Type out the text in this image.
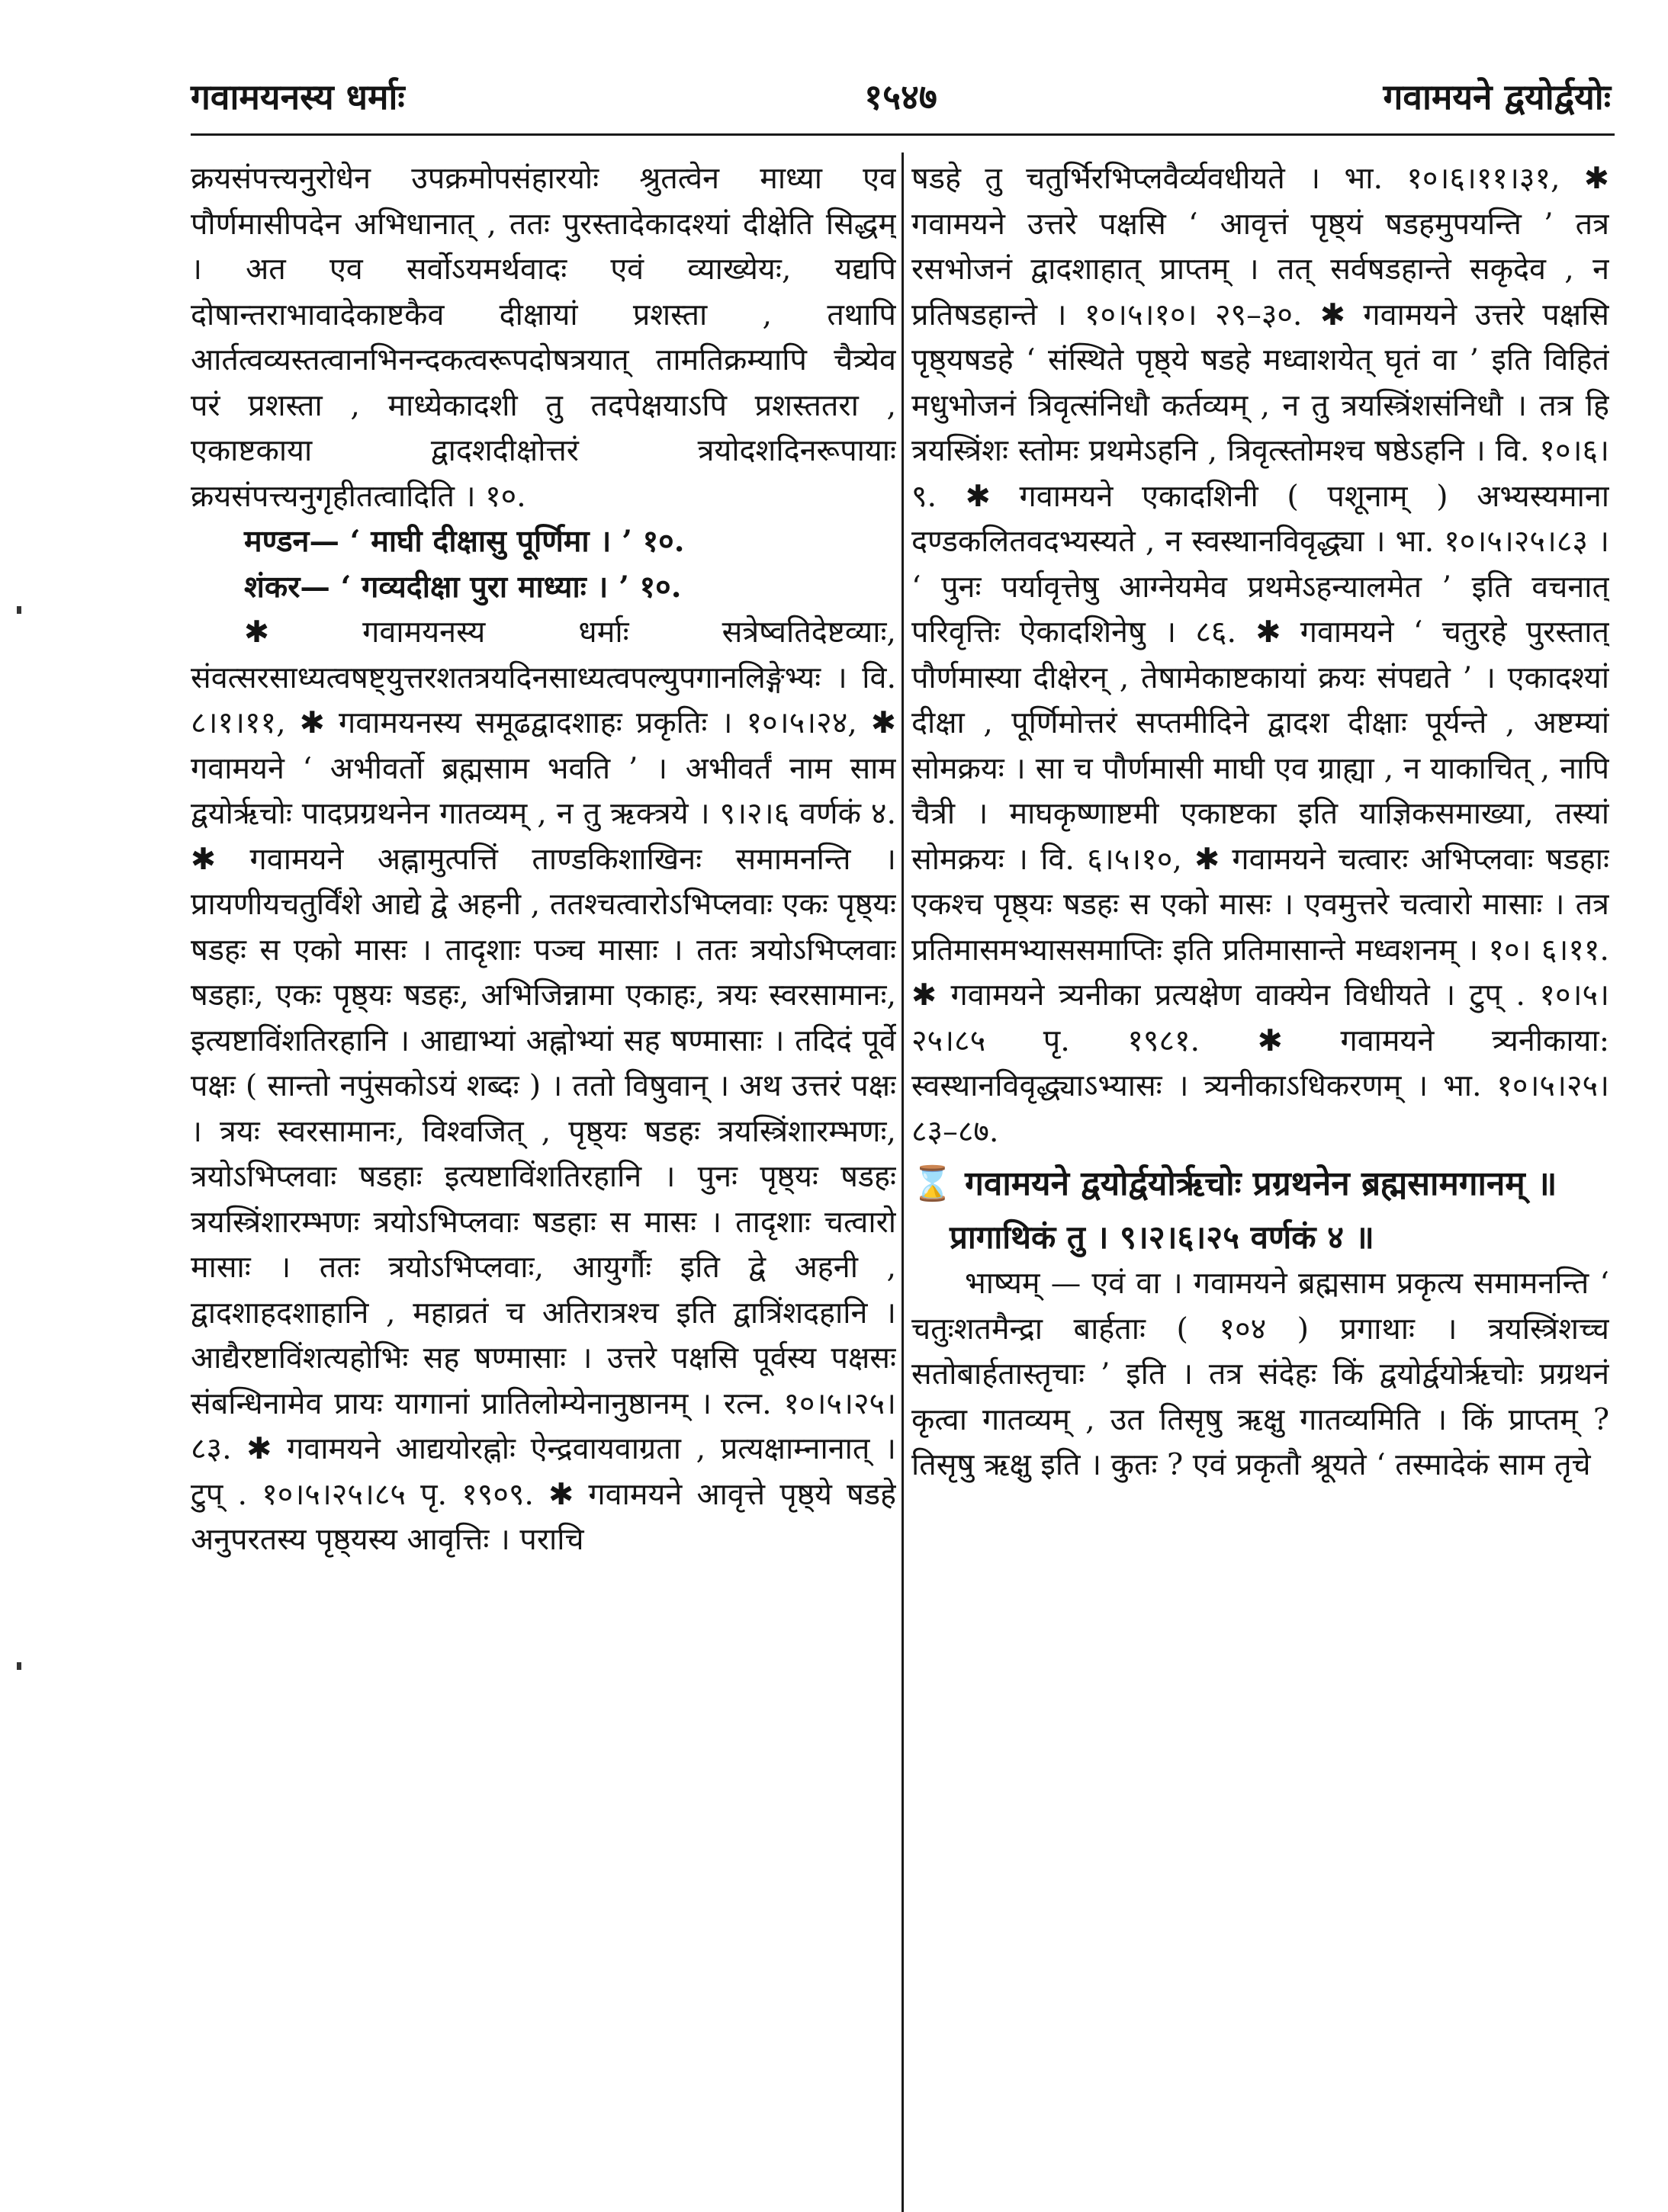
१५४७
गवामयनस्य धर्माः	गवामयने द्वयोर्द्वयोः

क्रयसंपत्त्यनुरोधेन उपक्रमोपसंहारयोः श्रुतत्वेन माध्या एव पौर्णमासीपदेन अभिधानात् , ततः पुरस्तादेकादश्यां दीक्षेति सिद्धम् । अत एव सर्वोऽयमर्थवादः एवं व्याख्येयः, यद्यपि दोषान्तराभावादेकाष्टकैव दीक्षायां प्रशस्ता , तथापि आर्तत्वव्यस्तत्वानभिनन्दकत्वरूपदोषत्रयात् तामतिक्रम्यापि चैत्र्येव परं प्रशस्ता , माध्येकादशी तु तदपेक्षयाऽपि प्रशस्ततरा , एकाष्टकाया द्वादशदीक्षोत्तरं त्रयोदशदिनरूपायाः क्रयसंपत्त्यनुगृहीतत्वादिति । १०.

मण्डन— ‘ माघी दीक्षासु पूर्णिमा । ’ १०.

शंकर— ‘ गव्यदीक्षा पुरा माध्याः । ’ १०.

✱ गवामयनस्य धर्माः सत्रेष्वतिदेष्टव्याः, संवत्सरसाध्यत्वषष्ट्युत्तरशतत्रयदिनसाध्यत्वपल्युपगानलिङ्गेभ्यः । वि. ८।१।११, ✱ गवामयनस्य समूढद्वादशाहः प्रकृतिः । १०।५।२४, ✱ गवामयने ‘ अभीवर्तो ब्रह्मसाम भवति ’ । अभीवर्तं नाम साम द्वयोर्ऋचोः पादप्रग्रथनेन गातव्यम् , न तु ऋक्त्रये । ९।२।६ वर्णकं ४. ✱ गवामयने अह्नामुत्पत्तिं ताण्डकिशाखिनः समामनन्ति । प्रायणीयचतुर्विंशे आद्ये द्वे अहनी , ततश्चत्वारोऽभिप्लवाः एकः पृष्ठ्यः षडहः स एको मासः । तादृशाः पञ्च मासाः । ततः त्रयोऽभिप्लवाः षडहाः, एकः पृष्ठ्यः षडहः, अभिजिन्नामा एकाहः, त्रयः स्वरसामानः, इत्यष्टाविंशतिरहानि । आद्याभ्यां अह्नोभ्यां सह षण्मासाः । तदिदं पूर्वे पक्षः ( सान्तो नपुंसकोऽयं शब्दः ) । ततो विषुवान् । अथ उत्तरं पक्षः । त्रयः स्वरसामानः, विश्वजित् , पृष्ठ्यः षडहः त्रयस्त्रिंशारम्भणः, त्रयोऽभिप्लवाः षडहाः इत्यष्टाविंशतिरहानि । पुनः पृष्ठ्यः षडहः त्रयस्त्रिंशारम्भणः त्रयोऽभिप्लवाः षडहाः स मासः । तादृशाः चत्वारो मासाः । ततः त्रयोऽभिप्लवाः, आयुर्गौः इति द्वे अहनी , द्वादशाहदशाहानि , महाव्रतं च अतिरात्रश्च इति द्वात्रिंशदहानि । आद्यैरष्टाविंशत्यहोभिः सह षण्मासाः । उत्तरे पक्षसि पूर्वस्य पक्षसः संबन्धिनामेव प्रायः यागानां प्रातिलोम्येनानुष्ठानम् । रत्न. १०।५।२५।८३. ✱ गवामयने आद्ययोरह्नोः ऐन्द्रवायवाग्रता , प्रत्यक्षाम्नानात् । टुप् . १०।५।२५।८५ पृ. १९०९. ✱ गवामयने आवृत्ते पृष्ठ्ये षडहे अनुपरतस्य पृष्ठ्यस्य आवृत्तिः । पराचि

षडहे तु चतुर्भिरभिप्लवैर्व्यवधीयते । भा. १०।६।११।३१, ✱ गवामयने उत्तरे पक्षसि ‘ आवृत्तं पृष्ठ्यं षडहमुपयन्ति ’ तत्र रसभोजनं द्वादशाहात् प्राप्तम् । तत् सर्वषडहान्ते सकृदेव , न प्रतिषडहान्ते । १०।५।१०। २९–३०. ✱ गवामयने उत्तरे पक्षसि पृष्ठ्यषडहे ‘ संस्थिते पृष्ठ्ये षडहे मध्वाशयेत् घृतं वा ’ इति विहितं मधुभोजनं त्रिवृत्संनिधौ कर्तव्यम् , न तु त्रयस्त्रिंशसंनिधौ । तत्र हि त्रयस्त्रिंशः स्तोमः प्रथमेऽहनि , त्रिवृत्स्तोमश्च षष्ठेऽहनि । वि. १०।६।९. ✱ गवामयने एकादशिनी ( पशूनाम् ) अभ्यस्यमाना दण्डकलितवदभ्यस्यते , न स्वस्थानविवृद्ध्या । भा. १०।५।२५।८३ । ‘ पुनः पर्यावृत्तेषु आग्नेयमेव प्रथमेऽहन्यालमेत ’ इति वचनात् परिवृत्तिः ऐकादशिनेषु । ८६. ✱ गवामयने ‘ चतुरहे पुरस्तात् पौर्णमास्या दीक्षेरन् , तेषामेकाष्टकायां क्रयः संपद्यते ’ । एकादश्यां दीक्षा , पूर्णिमोत्तरं सप्तमीदिने द्वादश दीक्षाः पूर्यन्ते , अष्टम्यां सोमक्रयः । सा च पौर्णमासी माघी एव ग्राह्या , न याकाचित् , नापि चैत्री । माघकृष्णाष्टमी एकाष्टका इति याज्ञिकसमाख्या, तस्यां सोमक्रयः । वि. ६।५।१०, ✱ गवामयने चत्वारः अभिप्लवाः षडहाः एकश्च पृष्ठ्यः षडहः स एको मासः । एवमुत्तरे चत्वारो मासाः । तत्र प्रतिमासमभ्याससमाप्तिः इति प्रतिमासान्ते मध्वशनम् । १०। ६।११. ✱ गवामयने त्र्यनीका प्रत्यक्षेण वाक्येन विधीयते । टुप् . १०।५।२५।८५ पृ. १९८१. ✱ गवामयने त्र्यनीकाया: स्वस्थानविवृद्ध्याऽभ्यासः । त्र्यनीकाऽधिकरणम् । भा. १०।५।२५।८३–८७.

⌛ गवामयने द्वयोर्द्वयोर्ऋचोः प्रग्रथनेन ब्रह्मसामगानम् ॥

प्रागाथिकं तु । ९।२।६।२५ वर्णकं ४ ॥

भाष्यम् — एवं वा । गवामयने ब्रह्मसाम प्रकृत्य समामनन्ति ‘ चतुःशतमैन्द्रा बार्हताः ( १०४ ) प्रगाथाः । त्रयस्त्रिंशच्च सतोबार्हतास्तृचाः ’ इति । तत्र संदेहः किं द्वयोर्द्वयोर्ऋचोः प्रग्रथनं कृत्वा गातव्यम् , उत तिसृषु ऋक्षु गातव्यमिति । किं प्राप्तम् ? तिसृषु ऋक्षु इति । कुतः ? एवं प्रकृतौ श्रूयते ‘ तस्मादेकं साम तृचे
